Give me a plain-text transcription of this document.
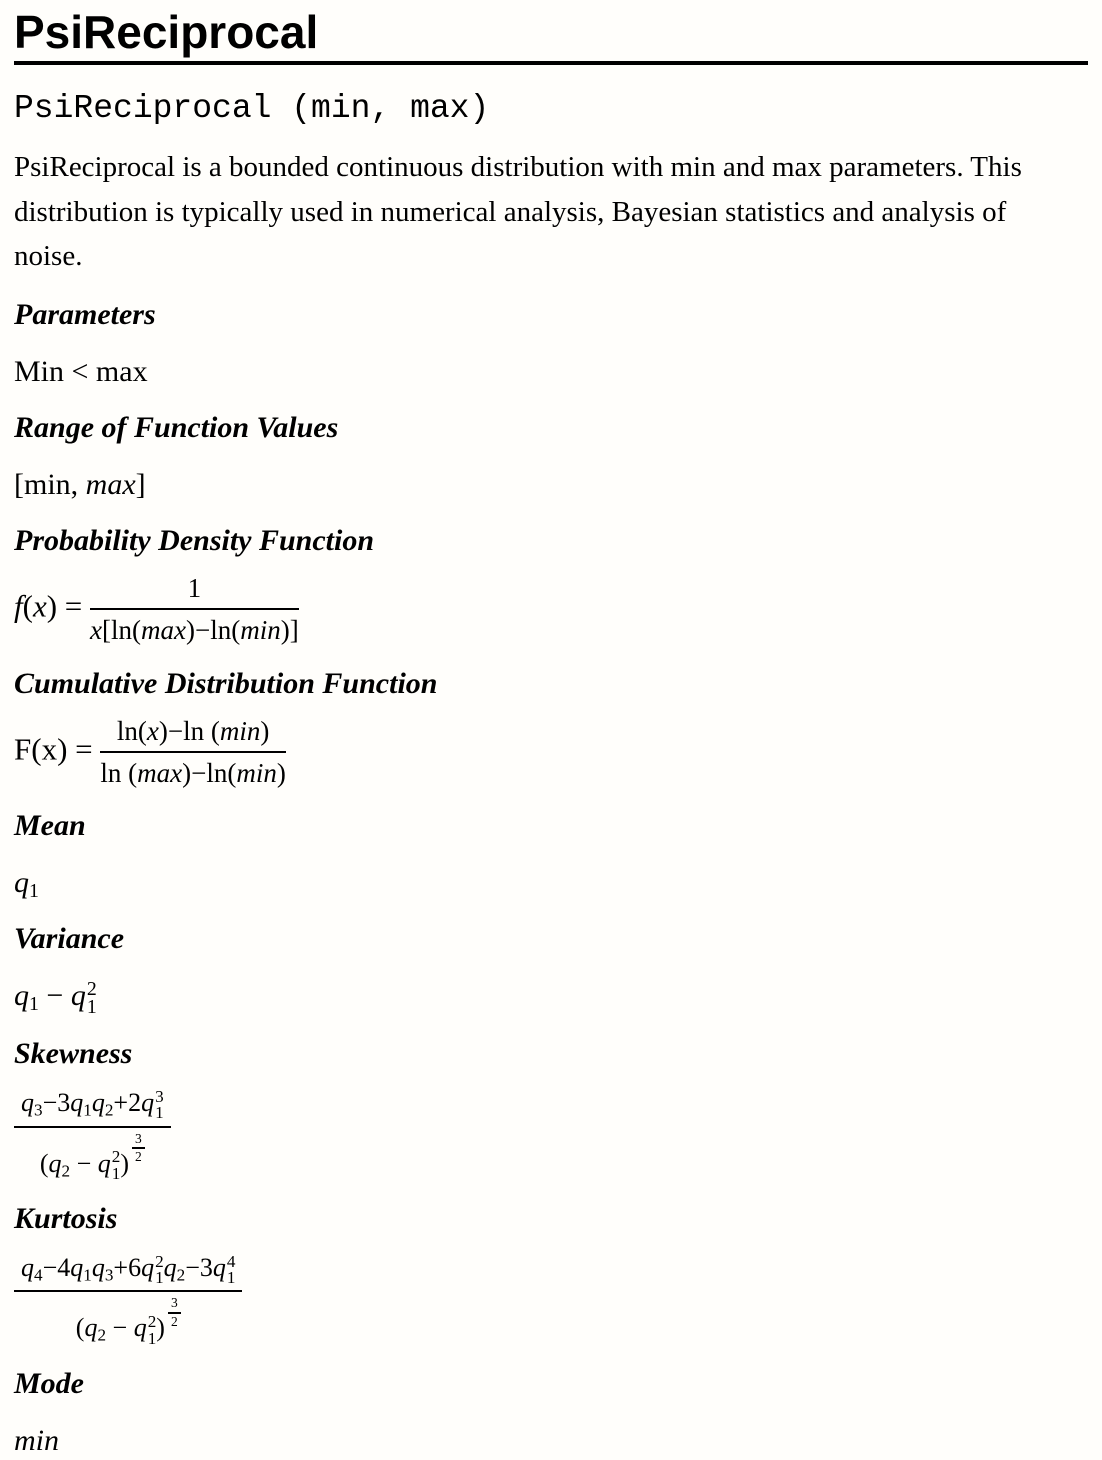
PsiReciprocal
PsiReciprocal (min, max)

PsiReciprocal is a bounded continuous distribution with min and max parameters. This distribution is typically used in numerical analysis, Bayesian statistics and analysis of noise.

Parameters
Min < max
Range of Function Values
[min, max]
Probability Density Function
$f(x) = \frac{1}{x[\ln(\max)-\ln(\min)]}$
Cumulative Distribution Function
$F(x) = \frac{\ln(x)-\ln (\min)}{\ln (\max)-\ln(\min)}$
Mean
$q_1$
Variance
$q_1 - q$ 2
1
Skewness
$q_3-3q_1q_2+2q$ 3
1
($q_2 - q$ 2
1 ) $\frac{3}{2}$
Kurtosis
$q_4-4q_1q_3+6q$ 2
1 $q_2-3q$ 4
1
($q_2 - q$ 2
1 ) $\frac{3}{2}$
Mode
min
